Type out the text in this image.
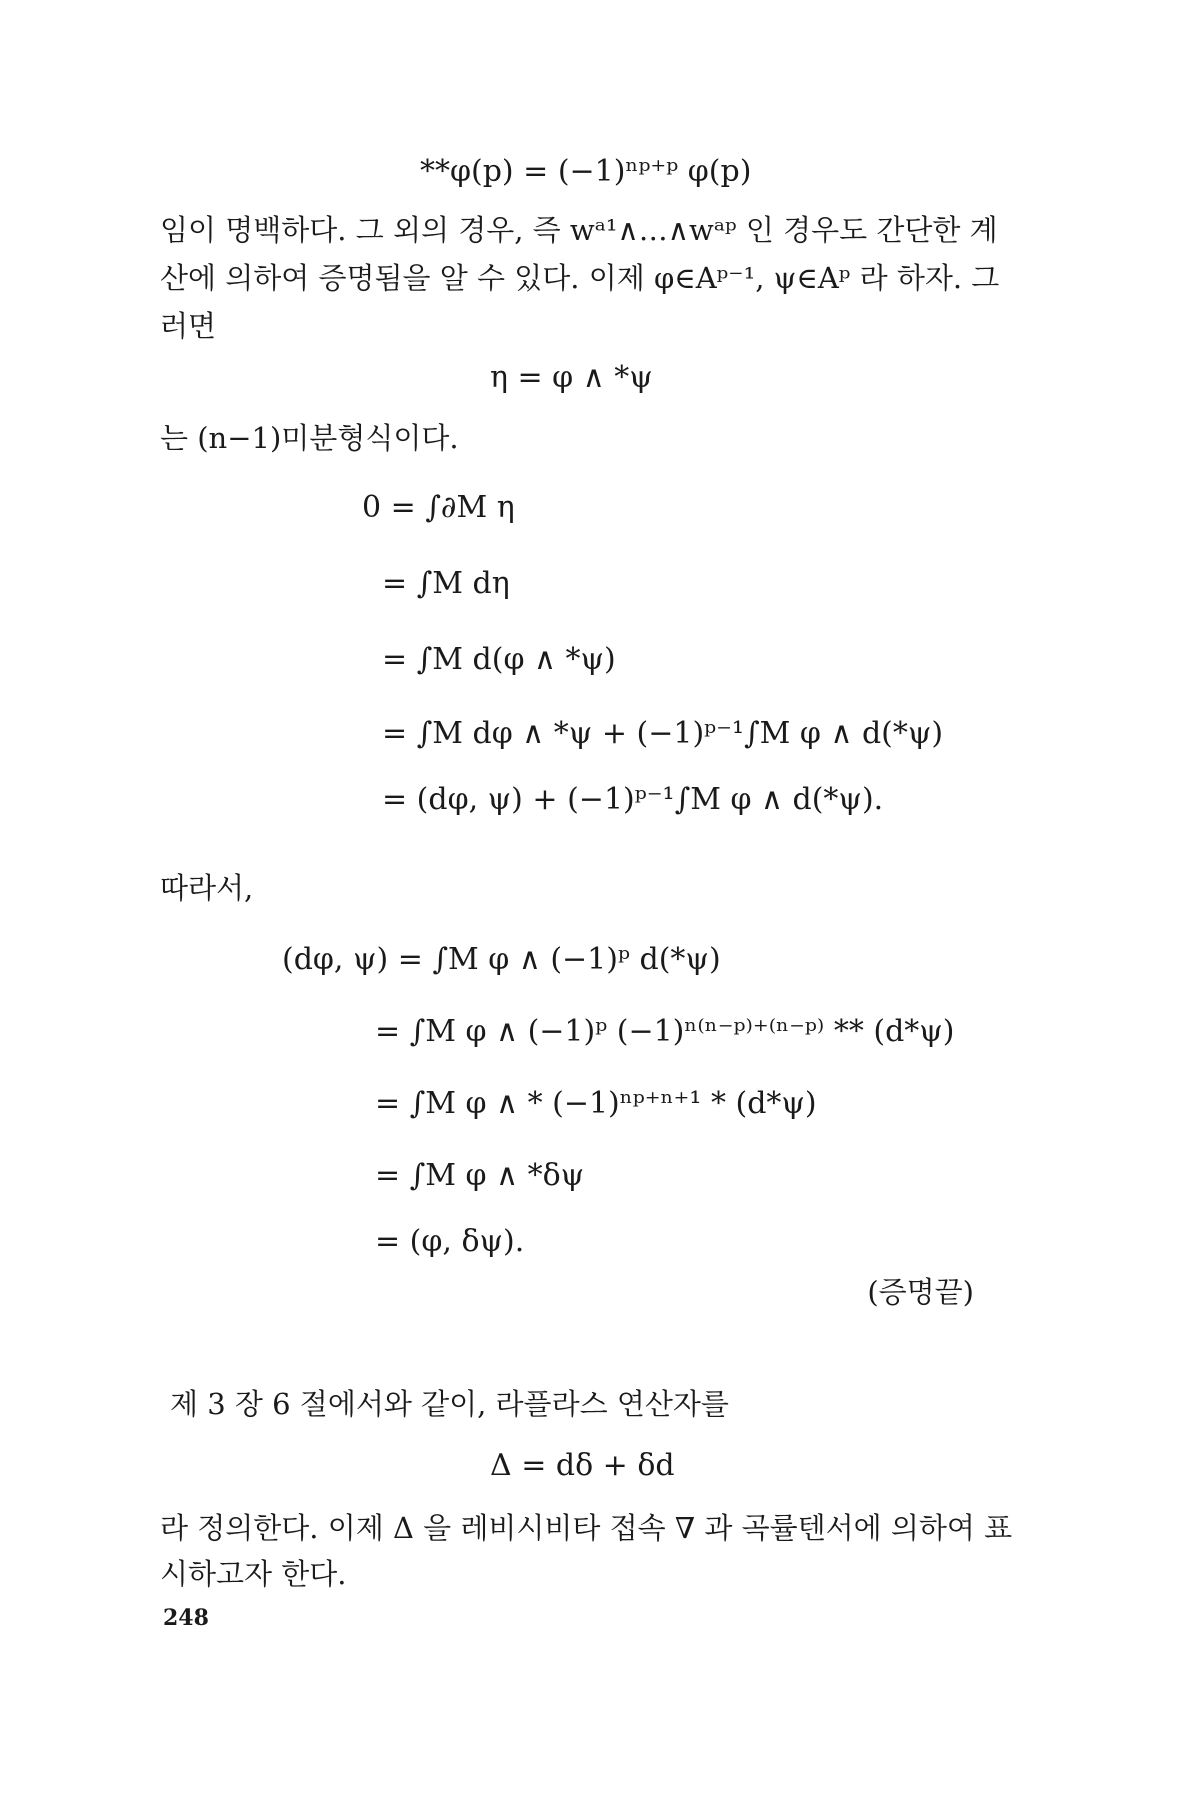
**φ(p) = (−1)ⁿᵖ⁺ᵖ φ(p)
임이 명백하다. 그 외의 경우, 즉 wᵃ¹∧…∧wᵃᵖ 인 경우도 간단한 계
산에 의하여 증명됨을 알 수 있다. 이제 φ∈Aᵖ⁻¹, ψ∈Aᵖ 라 하자. 그
러면
η = φ ∧ *ψ
는 (n−1)미분형식이다.
0 = ∫∂M η
= ∫M dη
= ∫M d(φ ∧ *ψ)
= ∫M dφ ∧ *ψ + (−1)ᵖ⁻¹∫M φ ∧ d(*ψ)
= (dφ, ψ) + (−1)ᵖ⁻¹∫M φ ∧ d(*ψ).
따라서,
(dφ, ψ) = ∫M φ ∧ (−1)ᵖ d(*ψ)
= ∫M φ ∧ (−1)ᵖ (−1)ⁿ⁽ⁿ⁻ᵖ⁾⁺⁽ⁿ⁻ᵖ⁾ ** (d*ψ)
= ∫M φ ∧ * (−1)ⁿᵖ⁺ⁿ⁺¹ * (d*ψ)
= ∫M φ ∧ *δψ
= (φ, δψ).
(증명끝)
제 3 장 6 절에서와 같이, 라플라스 연산자를
Δ = dδ + δd
라 정의한다. 이제 Δ 을 레비시비타 접속 ∇ 과 곡률텐서에 의하여 표
시하고자 한다.
248
